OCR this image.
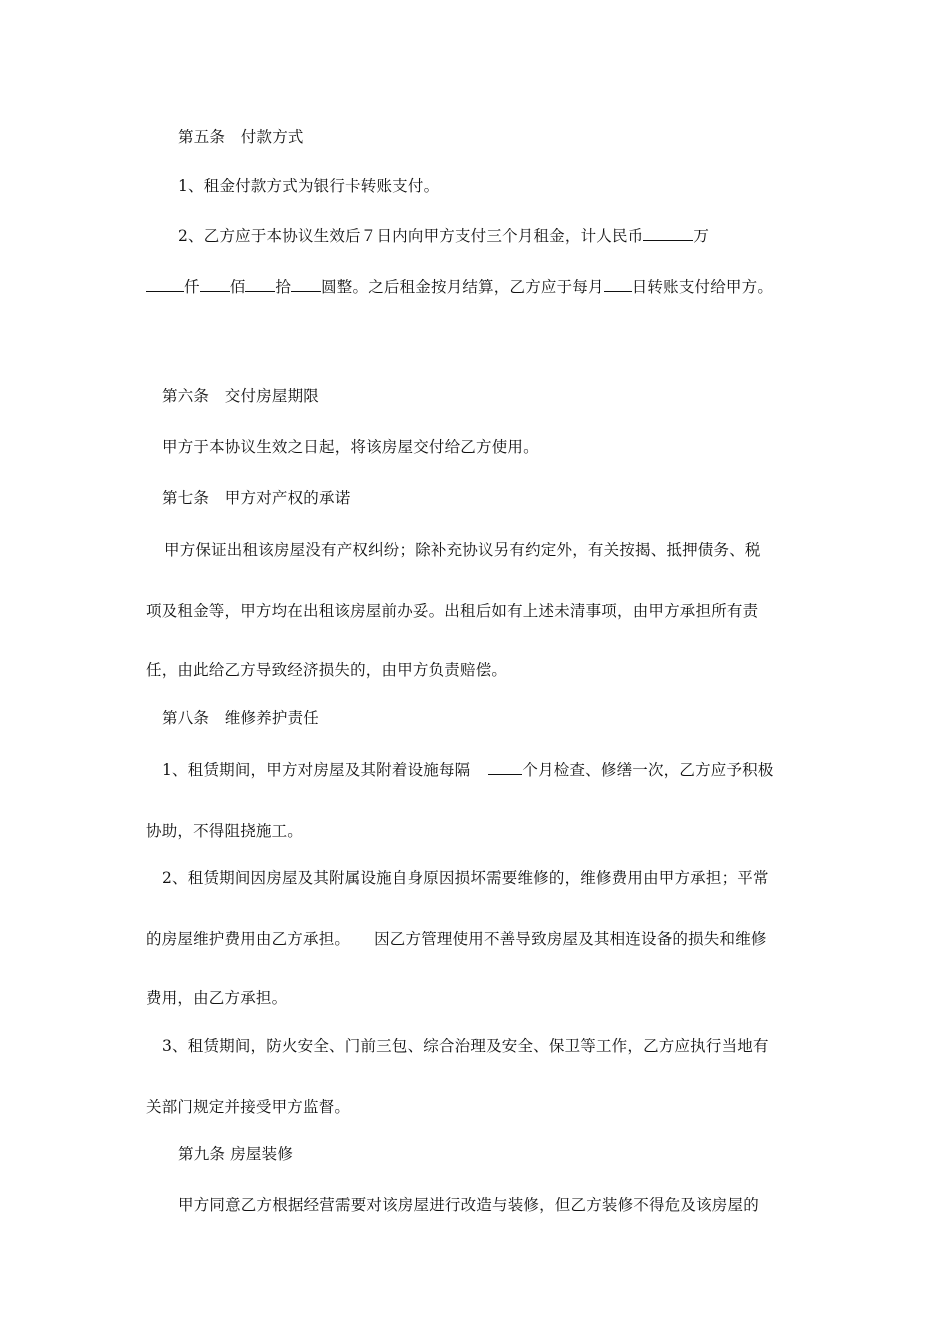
第五条　付款方式
1、租金付款方式为银行卡转账支付。
2、乙方应于本协议生效后７日内向甲方支付三个月租金，计人民币	万
仟 佰 拾 圆整。之后租金按月结算，乙方应于每月 日转账支付给甲方。
第六条　交付房屋期限
甲方于本协议生效之日起，将该房屋交付给乙方使用。
第七条　甲方对产权的承诺
甲方保证出租该房屋没有产权纠纷；除补充协议另有约定外，有关按揭、抵押债务、税
项及租金等，甲方均在出租该房屋前办妥。出租后如有上述未清事项，由甲方承担所有责
任，由此给乙方导致经济损失的，由甲方负责赔偿。
第八条　维修养护责任
1、租赁期间，甲方对房屋及其附着设施每隔	个月检查、修缮一次，乙方应予积极
协助，不得阻挠施工。
2、租赁期间因房屋及其附属设施自身原因损坏需要维修的，维修费用由甲方承担；平常
的房屋维护费用由乙方承担。 因乙方管理使用不善导致房屋及其相连设备的损失和维修
费用，由乙方承担。
3、租赁期间，防火安全、门前三包、综合治理及安全、保卫等工作，乙方应执行当地有
关部门规定并接受甲方监督。
第九条 房屋装修
甲方同意乙方根据经营需要对该房屋进行改造与装修，但乙方装修不得危及该房屋的
